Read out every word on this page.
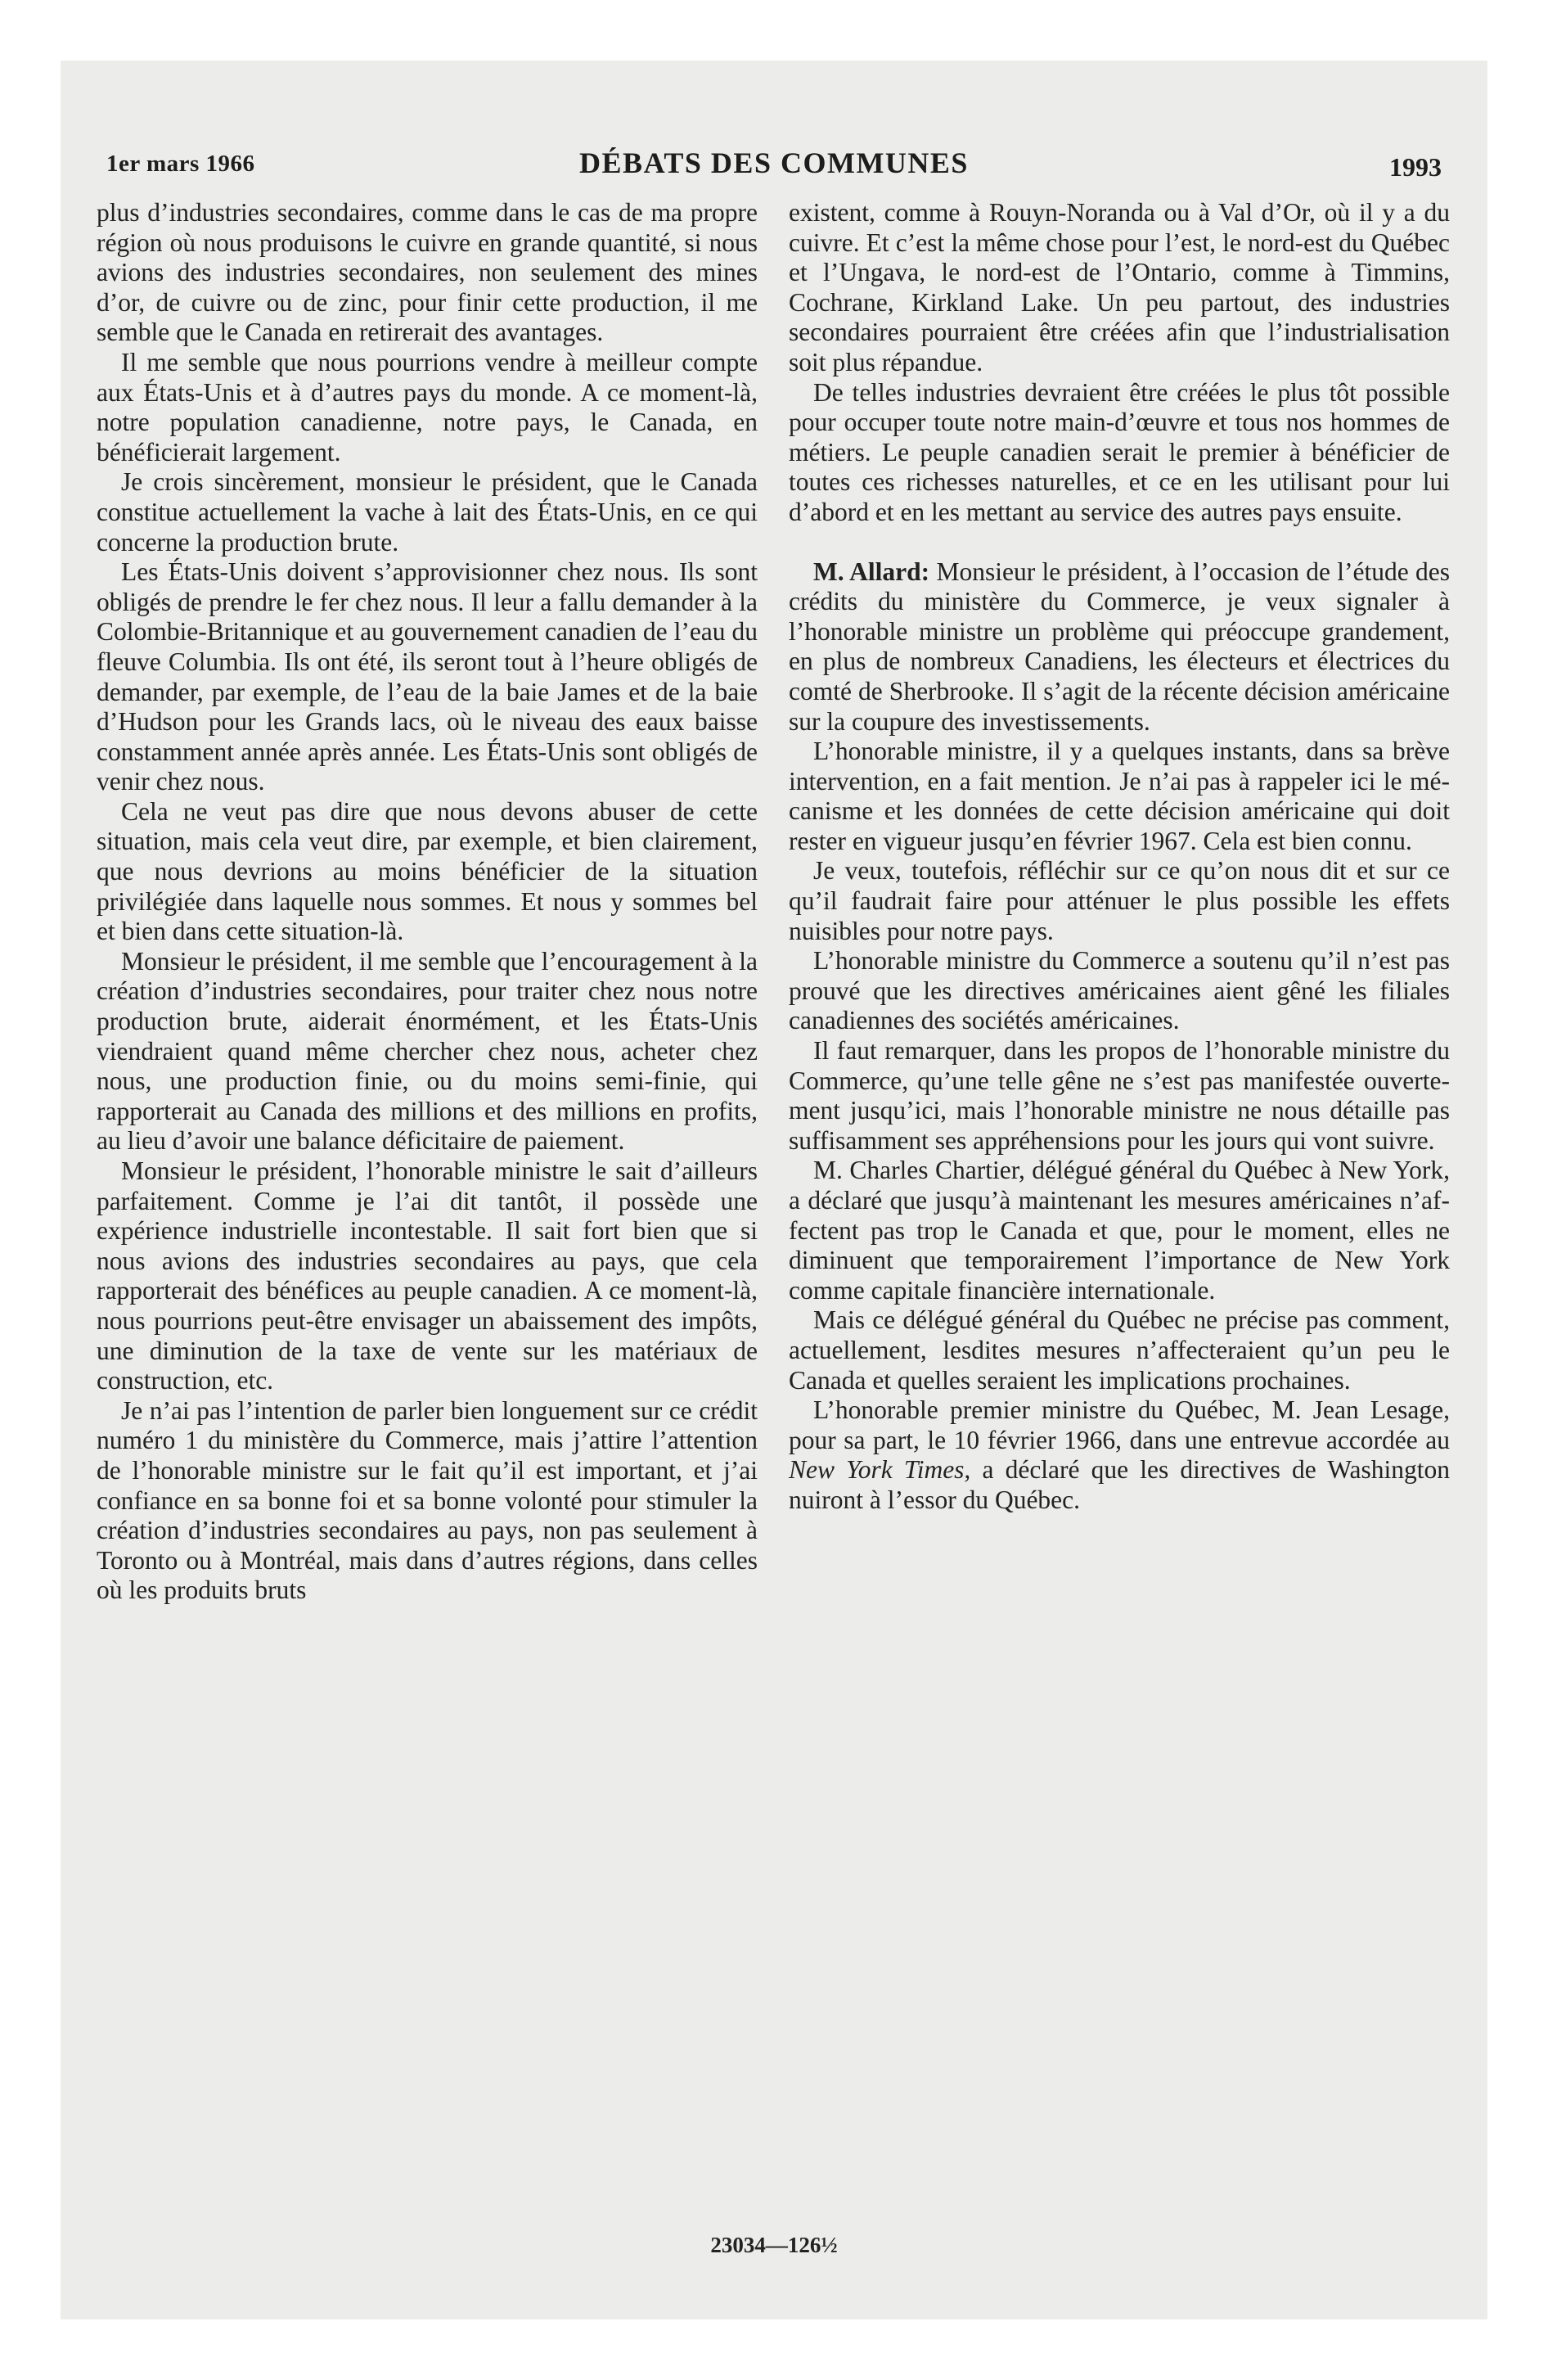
1er mars 1966	DÉBATS DES COMMUNES	1993

plus d’industries secondaires, comme dans le cas de ma propre région où nous produisons le cuivre en grande quantité, si nous avions des industries secondaires, non seulement des mines d’or, de cuivre ou de zinc, pour finir cette production, il me semble que le Canada en retirerait des avantages.

Il me semble que nous pourrions vendre à meilleur compte aux États-Unis et à d’autres pays du monde. A ce moment-là, notre population canadienne, notre pays, le Canada, en bénéficierait largement.

Je crois sincèrement, monsieur le président, que le Canada constitue actuellement la vache à lait des États-Unis, en ce qui concerne la production brute.

Les États-Unis doivent s’approvisionner chez nous. Ils sont obligés de prendre le fer chez nous. Il leur a fallu demander à la Colombie-Britannique et au gouvernement canadien de l’eau du fleuve Columbia. Ils ont été, ils seront tout à l’heure obligés de demander, par exemple, de l’eau de la baie James et de la baie d’Hudson pour les Grands lacs, où le niveau des eaux baisse constamment année après année. Les États-Unis sont obligés de venir chez nous.

Cela ne veut pas dire que nous devons abuser de cette situation, mais cela veut dire, par exemple, et bien clairement, que nous devrions au moins bénéficier de la situation privilégiée dans laquelle nous sommes. Et nous y sommes bel et bien dans cette situation-là.

Monsieur le président, il me semble que l’encouragement à la création d’industries secondaires, pour traiter chez nous notre production brute, aiderait énormément, et les États-Unis viendraient quand même chercher chez nous, acheter chez nous, une production finie, ou du moins semi-finie, qui rapporterait au Canada des millions et des millions en profits, au lieu d’avoir une balance déficitaire de paiement.

Monsieur le président, l’honorable ministre le sait d’ailleurs parfaitement. Comme je l’ai dit tantôt, il possède une expérience industrielle incontestable. Il sait fort bien que si nous avions des industries secondaires au pays, que cela rapporterait des bénéfices au peuple canadien. A ce moment-là, nous pourrions peut-être envisager un abaissement des impôts, une diminution de la taxe de vente sur les matériaux de construction, etc.

Je n’ai pas l’intention de parler bien longuement sur ce crédit numéro 1 du ministère du Commerce, mais j’attire l’attention de l’honorable ministre sur le fait qu’il est important, et j’ai confiance en sa bonne foi et sa bonne volonté pour stimuler la création d’industries secondaires au pays, non pas seulement à Toronto ou à Montréal, mais dans d’autres régions, dans celles où les produits bruts

existent, comme à Rouyn-Noranda ou à Val d’Or, où il y a du cuivre. Et c’est la même chose pour l’est, le nord-est du Québec et l’Ungava, le nord-est de l’Ontario, comme à Timmins, Cochrane, Kirkland Lake. Un peu partout, des industries secondaires pourraient être créées afin que l’industrialisation soit plus répandue.

De telles industries devraient être créées le plus tôt possible pour occuper toute notre main-d’œuvre et tous nos hommes de métiers. Le peuple canadien serait le premier à bénéficier de toutes ces richesses naturelles, et ce en les utilisant pour lui d’abord et en les mettant au service des autres pays ensuite.

M. Allard: Monsieur le président, à l’occasion de l’étude des crédits du ministère du Commerce, je veux signaler à l’honorable ministre un problème qui préoccupe grandement, en plus de nombreux Canadiens, les électeurs et électrices du comté de Sherbrooke. Il s’agit de la récente décision américaine sur la coupure des investissements.

L’honorable ministre, il y a quelques instants, dans sa brève intervention, en a fait mention. Je n’ai pas à rappeler ici le mécanisme et les données de cette décision américaine qui doit rester en vigueur jusqu’en février 1967. Cela est bien connu.

Je veux, toutefois, réfléchir sur ce qu’on nous dit et sur ce qu’il faudrait faire pour atténuer le plus possible les effets nuisibles pour notre pays.

L’honorable ministre du Commerce a soutenu qu’il n’est pas prouvé que les directives américaines aient gêné les filiales canadiennes des sociétés américaines.

Il faut remarquer, dans les propos de l’honorable ministre du Commerce, qu’une telle gêne ne s’est pas manifestée ouvertement jusqu’ici, mais l’honorable ministre ne nous détaille pas suffisamment ses appréhensions pour les jours qui vont suivre.

M. Charles Chartier, délégué général du Québec à New York, a déclaré que jusqu’à maintenant les mesures américaines n’affectent pas trop le Canada et que, pour le moment, elles ne diminuent que temporairement l’importance de New York comme capitale financière internationale.

Mais ce délégué général du Québec ne précise pas comment, actuellement, lesdites mesures n’affecteraient qu’un peu le Canada et quelles seraient les implications prochaines.

L’honorable premier ministre du Québec, M. Jean Lesage, pour sa part, le 10 février 1966, dans une entrevue accordée au New York Times, a déclaré que les directives de Washington nuiront à l’essor du Québec.

23034—126½
